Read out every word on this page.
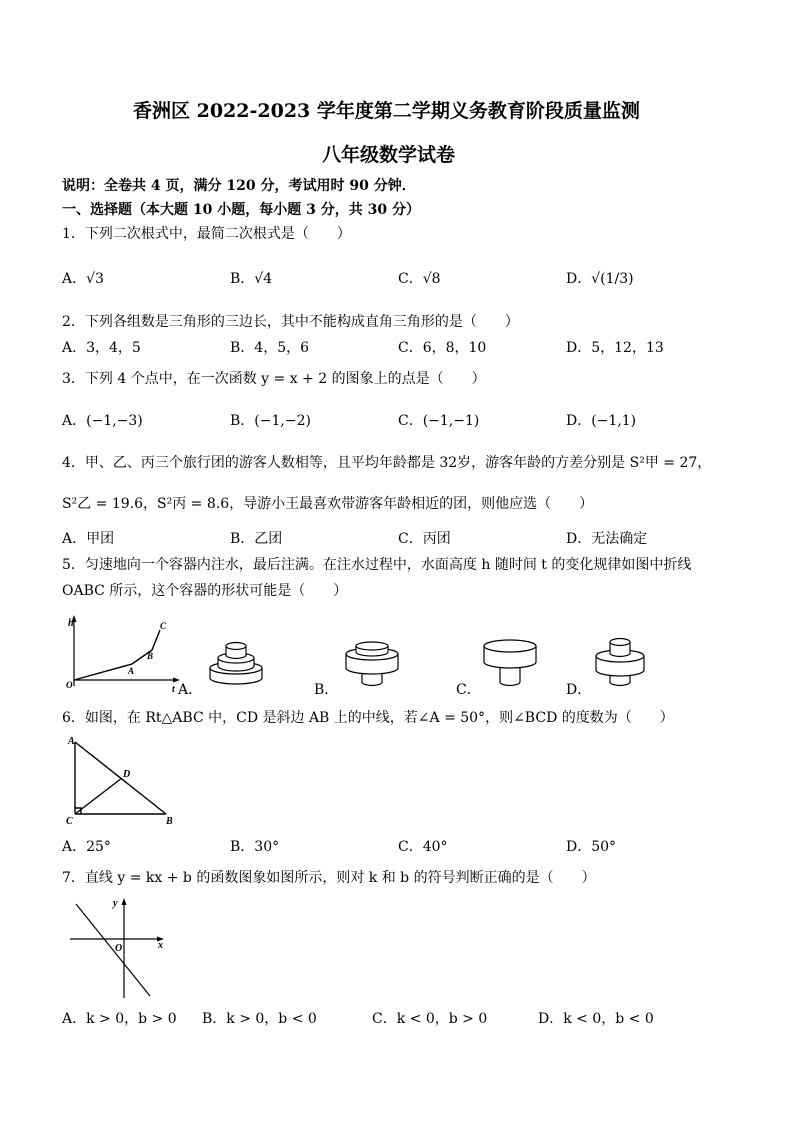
香洲区 2022-2023 学年度第二学期义务教育阶段质量监测
八年级数学试卷
说明：全卷共 4 页，满分 120 分，考试用时 90 分钟．
一、选择题（本大题 10 小题，每小题 3 分，共 30 分）
1．下列二次根式中，最简二次根式是（　　）
A．√3	B．√4	C．√8	D．√(1/3)
2．下列各组数是三角形的三边长，其中不能构成直角三角形的是（　　）
A．3，4，5	B．4，5，6	C．6，8，10	D．5，12，13
3．下列 4 个点中，在一次函数 y = x + 2 的图象上的点是（　　）
A．(−1,−3)	B．(−1,−2)	C．(−1,−1)	D．(−1,1)
4．甲、乙、丙三个旅行团的游客人数相等，且平均年龄都是 32岁，游客年龄的方差分别是 S²甲 = 27，
S²乙 = 19.6，S²丙 = 8.6，导游小王最喜欢带游客年龄相近的团，则他应选（　　）
A．甲团	B．乙团	C．丙团	D．无法确定
5．匀速地向一个容器内注水，最后注满。在注水过程中，水面高度 h 随时间 t 的变化规律如图中折线
OABC 所示，这个容器的形状可能是（　　）
h	C
B
A
O	t A．	B．	C．	D．
6．如图，在 Rt△ABC 中，CD 是斜边 AB 上的中线，若∠A = 50°，则∠BCD 的度数为（　　）
A
D
C	B
A．25°	B．30°	C．40°	D．50°
7．直线 y = kx + b 的函数图象如图所示，则对 k 和 b 的符号判断正确的是（　　）
y
O	x
A．k > 0，b > 0 B．k > 0，b < 0	C．k < 0，b > 0	D．k < 0，b < 0
